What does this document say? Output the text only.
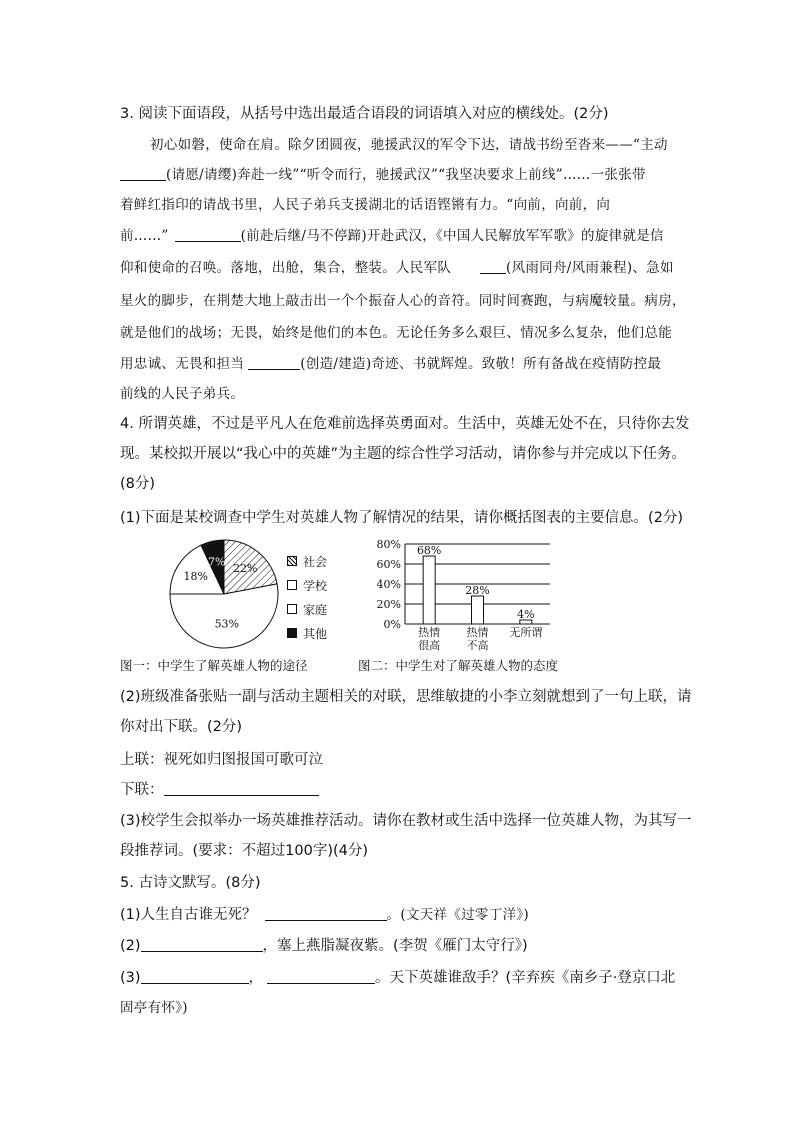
3. 阅读下面语段，从括号中选出最适合语段的词语填入对应的横线处。(2分)
初心如磐，使命在肩。除夕团圆夜，驰援武汉的军令下达，请战书纷至沓来——“主动
(请愿/请缨)奔赴一线”“听令而行，驰援武汉”“我坚决要求上前线”……一张张带
着鲜红指印的请战书里，人民子弟兵支援湖北的话语铿锵有力。“向前，向前，向
前……”	(前赴后继/马不停蹄)开赴武汉，《中国人民解放军军歌》的旋律就是信
仰和使命的召唤。落地，出舱，集合，整装。人民军队	(风雨同舟/风雨兼程)、急如
星火的脚步，在荆楚大地上敲击出一个个振奋人心的音符。同时间赛跑，与病魔较量。病房，
就是他们的战场；无畏，始终是他们的本色。无论任务多么艰巨、情况多么复杂，他们总能
用忠诚、无畏和担当	(创造/建造)奇迹、书就辉煌。致敬！所有备战在疫情防控最
前线的人民子弟兵。
4. 所谓英雄，不过是平凡人在危难前选择英勇面对。生活中，英雄无处不在，只待你去发
现。某校拟开展以“我心中的英雄”为主题的综合性学习活动，请你参与并完成以下任务。
(8分)
(1)下面是某校调查中学生对英雄人物了解情况的结果，请你概括图表的主要信息。(2分)
22%
53%
18%
7%	社会
学校
家庭
其他
0%
20%
40%
60%
80% 68%
28%
4%
热情很高
热情不高
无所谓
图一：中学生了解英雄人物的途径	图二：中学生对了解英雄人物的态度
(2)班级准备张贴一副与活动主题相关的对联，思维敏捷的小李立刻就想到了一句上联，请
你对出下联。(2分)
上联：视死如归图报国可歌可泣
下联：
(3)校学生会拟举办一场英雄推荐活动。请你在教材或生活中选择一位英雄人物，为其写一
段推荐词。(要求：不超过100字)(4分)
5. 古诗文默写。(8分)
(1)人生自古谁无死？	。(文天祥《过零丁洋》)
(2)	，塞上燕脂凝夜紫。(李贺《雁门太守行》)
(3)	，	。天下英雄谁敌手？(辛弃疾《南乡子·登京口北
固亭有怀》)
